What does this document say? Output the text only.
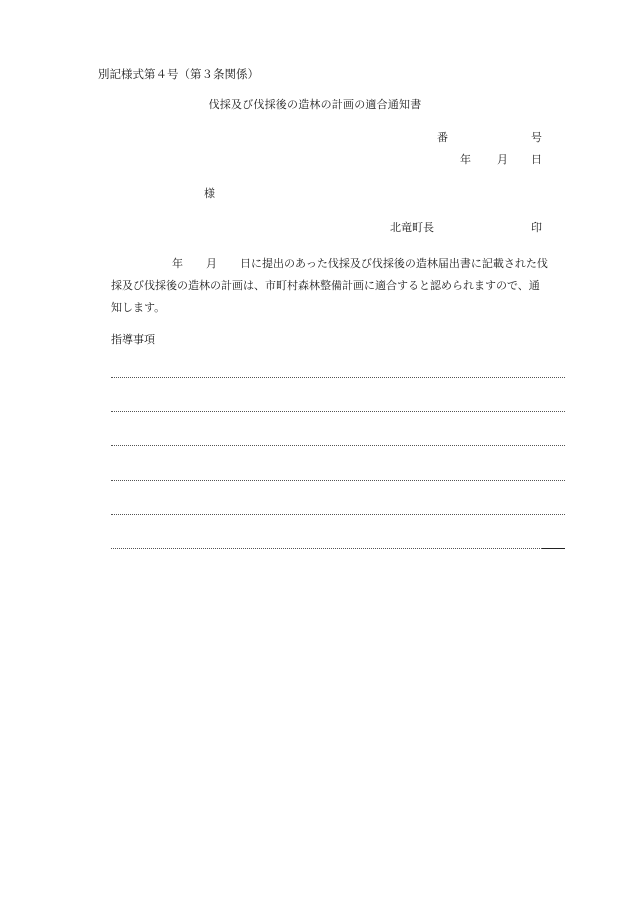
別記様式第４号（第３条関係）
伐採及び伐採後の造林の計画の適合通知書
番	号
年 月 日
様
北竜町長	印
年 月 日に提出のあった伐採及び伐採後の造林届出書に記載された伐
採及び伐採後の造林の計画は、市町村森林整備計画に適合すると認められますので、通
知します。
指導事項
